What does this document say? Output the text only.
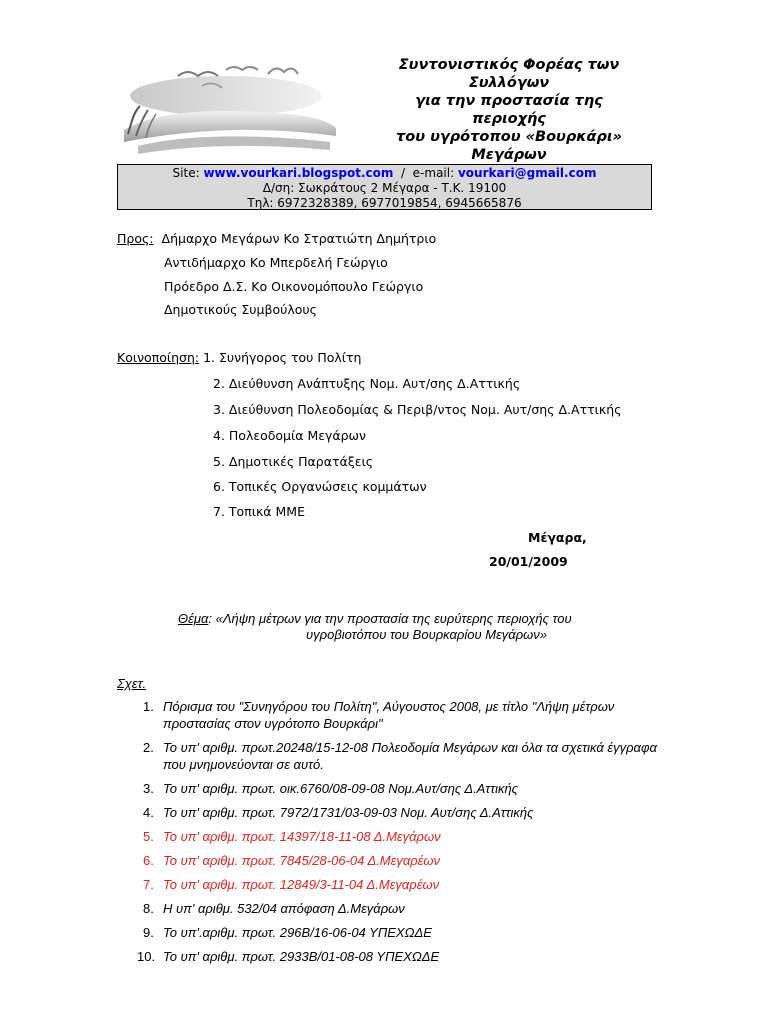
Συντονιστικός Φορέας των
Συλλόγων
για την προστασία της
περιοχής
του υγρότοπου «Βουρκάρι»
Μεγάρων
Site: www.vourkari.blogspot.com  /  e-mail: vourkari@gmail.com
Δ/ση: Σωκράτους 2 Μέγαρα - Τ.Κ. 19100
Τηλ: 6972328389, 6977019854, 6945665876
Προς: Δήμαρχο Μεγάρων Κο Στρατιώτη Δημήτριο
Αντιδήμαρχο Κο Μπερδελή Γεώργιο
Πρόεδρο Δ.Σ. Κο Οικονομόπουλο Γεώργιο
Δημοτικούς Συμβούλους
Κοινοποίηση: 1. Συνήγορος του Πολίτη
2. Διεύθυνση Ανάπτυξης Νομ. Αυτ/σης Δ.Αττικής
3. Διεύθυνση Πολεοδομίας & Περιβ/ντος Νομ. Αυτ/σης Δ.Αττικής
4. Πολεοδομία Μεγάρων
5. Δημοτικές Παρατάξεις
6. Τοπικές Οργανώσεις κομμάτων
7. Τοπικά ΜΜΕ
Μέγαρα,
20/01/2009
Θέμα: «Λήψη μέτρων για την προστασία της ευρύτερης περιοχής του
υγροβιοτόπου του Βουρκαρίου Μεγάρων»
Σχετ.
1. Πόρισμα του "Συνηγόρου του Πολίτη", Αύγουστος 2008, με τίτλο "Λήψη μέτρων προστασίας στον υγρότοπο Βουρκάρι"
2. Το υπ' αριθμ. πρωτ.20248/15-12-08 Πολεοδομία Μεγάρων και όλα τα σχετικά έγγραφα που μνημονεύονται σε αυτό.
3. Το υπ' αριθμ. πρωτ. οικ.6760/08-09-08 Νομ.Αυτ/σης Δ.Αττικής
4. Το υπ' αριθμ. πρωτ. 7972/1731/03-09-03 Νομ. Αυτ/σης Δ.Αττικής
5. Το υπ' αριθμ. πρωτ. 14397/18-11-08 Δ.Μεγάρων
6. Το υπ' αριθμ. πρωτ. 7845/28-06-04 Δ.Μεγαρέων
7. Το υπ' αριθμ. πρωτ. 12849/3-11-04 Δ.Μεγαρέων
8. Η υπ' αριθμ. 532/04 απόφαση Δ.Μεγάρων
9. Το υπ'.αριθμ. πρωτ. 296Β/16-06-04 ΥΠΕΧΩΔΕ
10. Το υπ' αριθμ. πρωτ. 2933Β/01-08-08 ΥΠΕΧΩΔΕ
